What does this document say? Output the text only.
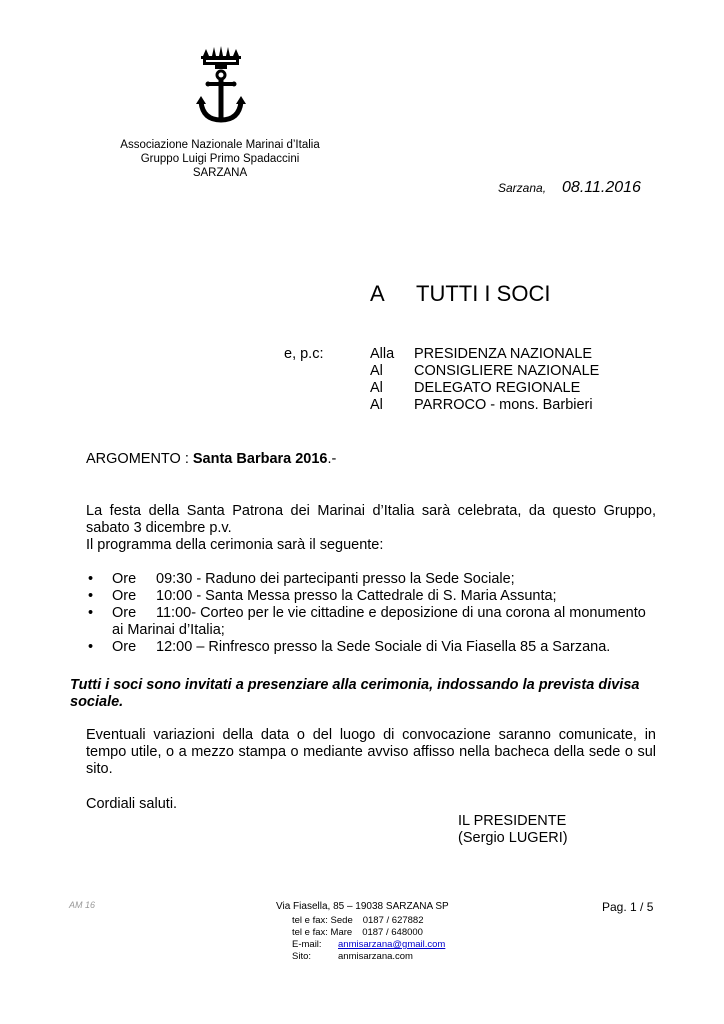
Associazione Nazionale Marinai d’Italia
Gruppo Luigi Primo Spadaccini
SARZANA
Sarzana, 08.11.2016
A TUTTI I SOCI
e, p.c:	Alla PRESIDENZA NAZIONALE
Al CONSIGLIERE NAZIONALE
Al DELEGATO REGIONALE
Al PARROCO - mons. Barbieri
ARGOMENTO : Santa Barbara 2016.-
La festa della Santa Patrona dei Marinai d’Italia sarà celebrata, da questo Gruppo,
sabato 3 dicembre p.v.
Il programma della cerimonia sarà il seguente:
• Ore 09:30 - Raduno dei partecipanti presso la Sede Sociale;
• Ore 10:00 - Santa Messa presso la Cattedrale di S. Maria Assunta;
• Ore 11:00- Corteo per le vie cittadine e deposizione di una corona al monumento
ai Marinai d’Italia;
• Ore 12:00 – Rinfresco presso la Sede Sociale di Via Fiasella 85 a Sarzana.
Tutti i soci sono invitati a presenziare alla cerimonia, indossando la prevista divisa sociale.
Eventuali variazioni della data o del luogo di convocazione saranno comunicate, in tempo utile, o a mezzo stampa o mediante avviso affisso nella bacheca della sede o sul sito.
Cordiali saluti.
IL PRESIDENTE
(Sergio LUGERI)
AM 16	Via Fiasella, 85 – 19038 SARZANA SP
tel e fax: Sede 0187 / 627882
tel e fax: Mare 0187 / 648000
E-mail: anmisarzana@gmail.com
Sito:	anmisarzana.com
Pag. 1 / 5
